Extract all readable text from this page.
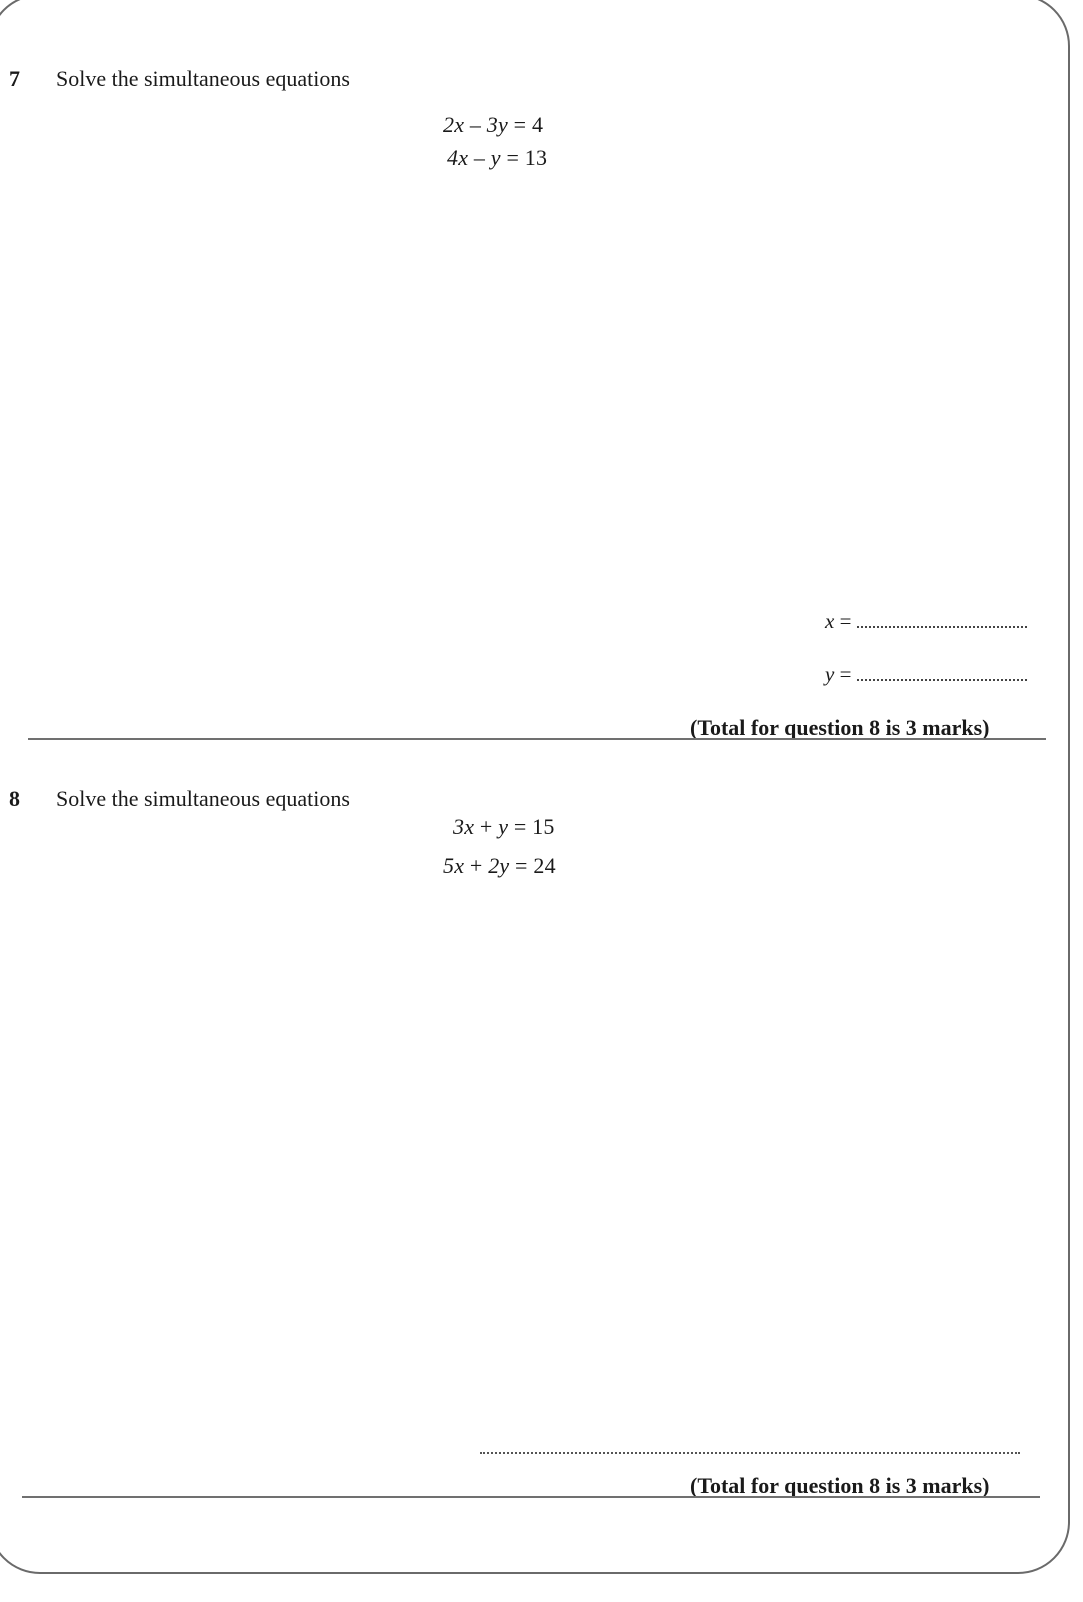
7 Solve the simultaneous equations
2x – 3y = 4
4x – y = 13
x =
y =
(Total for question 8 is 3 marks)
8 Solve the simultaneous equations
3x + y = 15
5x + 2y = 24
(Total for question 8 is 3 marks)
